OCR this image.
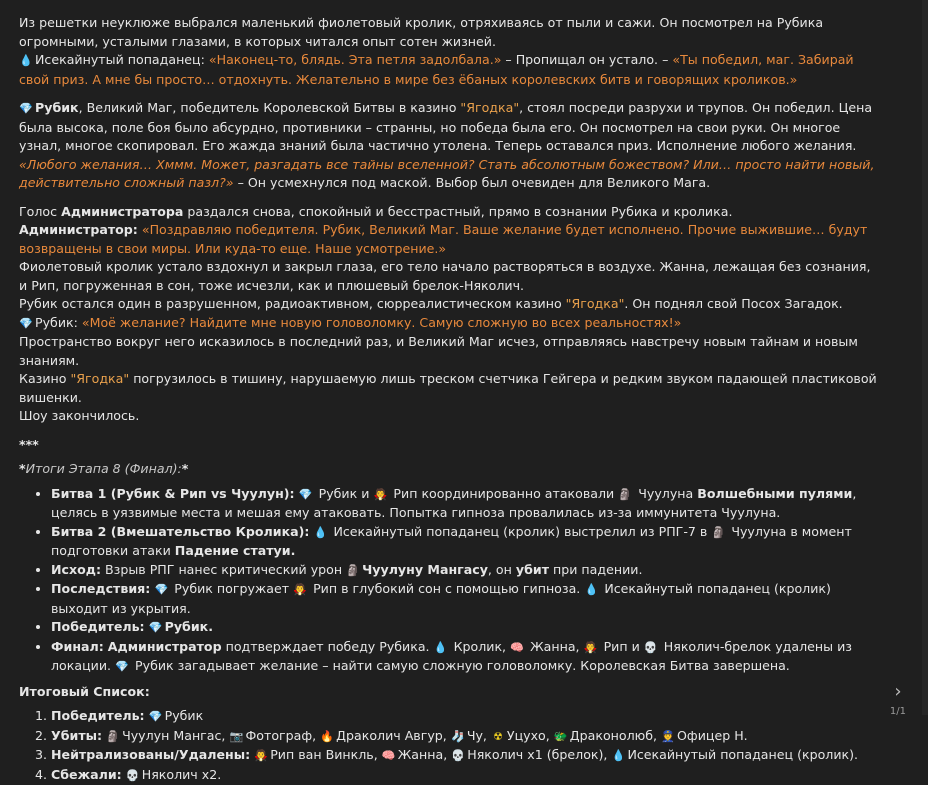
Из решетки неуклюже выбрался маленький фиолетовый кролик, отряхиваясь от пыли и сажи. Он посмотрел на Рубика огромными, усталыми глазами, в которых читался опыт сотен жизней.

💧 Исекайнутый попаданец: «Наконец-то, блядь. Эта петля задолбала.» – Пропищал он устало. – «Ты победил, маг. Забирай свой приз. А мне бы просто… отдохнуть. Желательно в мире без ёбаных королевских битв и говорящих кроликов.»

💎 Рубик, Великий Маг, победитель Королевской Битвы в казино "Ягодка", стоял посреди разрухи и трупов. Он победил. Цена была высока, поле боя было абсурдно, противники – странны, но победа была его. Он посмотрел на свои руки. Он многое узнал, многое скопировал. Его жажда знаний была частично утолена. Теперь оставался приз. Исполнение любого желания.

«Любого желания… Хммм. Может, разгадать все тайны вселенной? Стать абсолютным божеством? Или… просто найти новый, действительно сложный пазл?» – Он усмехнулся под маской. Выбор был очевиден для Великого Мага.

Голос Администратора раздался снова, спокойный и бесстрастный, прямо в сознании Рубика и кролика.

Администратор: «Поздравляю победителя. Рубик, Великий Маг. Ваше желание будет исполнено. Прочие выжившие… будут возвращены в свои миры. Или куда-то еще. Наше усмотрение.»

Фиолетовый кролик устало вздохнул и закрыл глаза, его тело начало растворяться в воздухе. Жанна, лежащая без сознания, и Рип, погруженная в сон, тоже исчезли, как и плюшевый брелок-Няколич.

Рубик остался один в разрушенном, радиоактивном, сюрреалистическом казино "Ягодка". Он поднял свой Посох Загадок.

💎 Рубик: «Моё желание? Найдите мне новую головоломку. Самую сложную во всех реальностях!»

Пространство вокруг него исказилось в последний раз, и Великий Маг исчез, отправляясь навстречу новым тайнам и новым знаниям.

Казино "Ягодка" погрузилось в тишину, нарушаемую лишь треском счетчика Гейгера и редким звуком падающей пластиковой вишенки.

Шоу закончилось.

***

*Итоги Этапа 8 (Финал):*

• Битва 1 (Рубик & Рип vs Чуулун): 💎 Рубик и 🧛 Рип координированно атаковали 🗿 Чуулуна Волшебными пулями, целясь в уязвимые места и мешая ему атаковать. Попытка гипноза провалилась из-за иммунитета Чуулуна.
• Битва 2 (Вмешательство Кролика): 💧 Исекайнутый попаданец (кролик) выстрелил из РПГ-7 в 🗿 Чуулуна в момент подготовки атаки Падение статуи.
• Исход: Взрыв РПГ нанес критический урон 🗿 Чуулуну Мангасу, он убит при падении.
• Последствия: 💎 Рубик погружает 🧛 Рип в глубокий сон с помощью гипноза. 💧 Исекайнутый попаданец (кролик) выходит из укрытия.
• Победитель: 💎 Рубик.
• Финал: Администратор подтверждает победу Рубика. 💧 Кролик, 🧠 Жанна, 🧛 Рип и 💀 Няколич-брелок удалены из локации. 💎 Рубик загадывает желание – найти самую сложную головоломку. Королевская Битва завершена.

Итоговый Список:

1. Победитель: 💎 Рубик
2. Убиты: 🗿 Чуулун Мангас, 📷 Фотограф, 🔥 Драколич Авгур, 🧦 Чу, ☢ Уцухо, 🐲 Драконолюб, 👮 Офицер Н.
3. Нейтрализованы/Удалены: 🧛 Рип ван Винкль, 🧠 Жанна, 💀 Няколич x1 (брелок), 💧 Исекайнутый попаданец (кролик).
4. Сбежали: 💀 Няколич x2.
›
1/1
